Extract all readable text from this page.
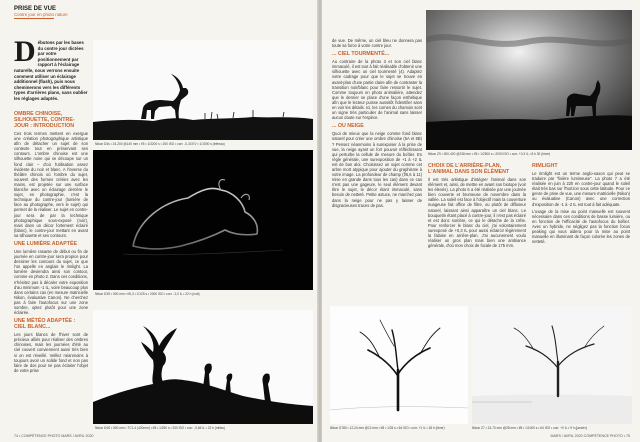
PRISE DE VUE
Contre jour en photo nature
Débutons par les bases du contre jour dictées par votre positionnement par rapport à l'éclairage naturelle, nous verrons ensuite comment utiliser un éclairage additionnel (flash), puis nous cheminerons vers les différents types d'arrières plans, sans oublier les réglages adaptés.
OMBRE CHINOISE, SILHOUETTE, CONTRE-JOUR : INTRODUCTION

Ces trois termes mettent en exergue une création photographique artistique afin de détacher un sujet de son contexte tout en préservant ses contours. L'ombre chinoise est une silhouette noire qui se découpe sur un fond clair – d'où l'utilisation assez évidente du noir et blanc. A l'inverse du théâtre chinois où l'ombre du sujet, souvent des formes créées avec les mains, est projetée sur une surface blanche avec un éclairage derrière le sujet, en photographie, c'est la technique du contre-jour (lumière de face au photographe, vers le sujet) qui permet de la réaliser. Le sujet en contre-jour sera de par la technique photographique sous-exposé (noir), mais dans un décor fortement éclairé (blanc), le contre-jour mettant en avant sa silhouette et ses contours.

UNE LUMIÈRE ADAPTÉE

Une lumière rasante de début ou fin de journée en contre-jour sera propice pour dessiner les contours du sujet, ce que l'on appelle en anglais le rimlight. La lumière deviendra ainsi son contour, comme en photo 2. Dans ces conditions, n'hésitez pas à décaler votre exposition d'au minimum -1 IL, voire beaucoup plus dans certains cas (en mesure matricielle Nikon, évaluative Canon). Ne cherchez pas à faire l'autofocus sur une zone sombre, optez plutôt pour une zone éclairée.

UNE MÉTÉO ADAPTÉE : CIEL BLANC...

Les jours blancs de l'hiver sont de précieux alliés pour réaliser des ombres chinoises, mais les journées d'été au ciel couvert conviennent aussi très bien si on est réveillé. Veillez néanmoins à toujours avoir un solide fond et non pas faire de dos pour ne pas éclairer l'objet de votre prise

Nikon D3s • 24-200 @140 mm • f/5 • 1/3200 s • 200 ISO • corr. -0,33 EV • 1/1000 s (tréteau)
Nikon D3S • 500 mm • f/6,3 • 1/125 s • 2000 ISO • corr. -2,0 IL • 22 h (nuit)
Nikon D4S • 500 mm • TC1.4 (420mm) • f/8 • 1/250 s • 200 ISO • corr. -0,66 IL • 22 h (milieu)
74 • COMPÉTENCE PHOTO MARS / AVRIL 2020

de vue. De même, un ciel bleu ne donnera pas toute sa force à votre contre jour.

... CIEL TOURMENTÉ...

Au contraire de la photo 3 et son ciel blanc immaculé, il est tout à fait réalisable d'obtenir une silhouette avec un ciel tourmenté (4). Adaptez votre cadrage pour que le sujet se trouve en avant-plan d'une partie claire afin de contraster la transition noir/blanc pour faire ressortir le sujet. Comme toujours en photo animalière, attendez que le dernier se place d'une façon esthétique afin que le lecteur puisse aussitôt l'identifier sans en voir les détails. Ici, les cornes du chamois sont un signe très particulier de l'animal sans laisser aucun doute sur l'espèce.

... OU NEIGE

Quoi de mieux que la neige comme fond blanc naturel pour créer une ombre chinoise (5A et 5B) ? Pensez néanmoins à surexposer à la prise de vue, la neige ayant un fort pouvoir réfléchissant qui perturbe la cellule de mesure du boîtier. En règle générale, une surexposition de +1 à +2 IL est de bon aloi. Choisissez un sujet comme cet arbre mort atypique pour ajouter du graphisme à votre image. La profondeur de champ (f/5,6 à 11) mise en grande dans tous les cas) dans ce cas n'est pas une gageure, le seul élément devant être le sujet, le décor étant immaculé, sans besoin de netteté. Petite astuce, ne marchez pas dans la neige pour ne pas y laisser de disgracieuses traces de pas.

Nikon Z9 • 300-400 @238 mm • f/5 • 1/2500 s • 2000 ISO • corr. +0,3 IL • 8 h 30 (hiver)
CHOIX DE L'ARRIÈRE-PLAN, L'ANIMAL DANS SON ÉLÉMENT

Il est très artistique d'intégrer l'animal dans son élément et, ainsi, de mettre en avant son biotope (voir les élevés). La photo 6 a été réalisée par une journée bien couverte et brumeuse de novembre dans la vallée. La soleil est face à l'objectif mais la couverture nuageuse fait office de filtre, ou plutôt de diffuseur naturel, laissant ainsi apparaître un ciel blanc. Le bouquetin étant placé à contre-jour, il n'est pas éclairé et est donc sombre, ce qui le détache de la crête. Pour renforcer le blanc du ciel, j'ai volontairement surexposé de +0,3 IL pour aussi éclaircir légèrement la falaise en arrière-plan. J'ai aucunement voulu réaliser un gros plan mais bien une ambiance générale, d'où mon choix de focale de 175 mm.

RIMLIGHT

Le rimlight est un terme anglo-saxon qui peut se traduire par "lisière lumineuse". La photo 7 a été réalisée en juin à 22h en contre-jour quand le soleil était très bas sur l'horizon sous cette latitude. Pour ce genre de prise de vue, une mesure matricielle (Nikon) ou évaluative (Canon) avec une correction d'exposition de -1 à -2 IL est tout à fait adéquate.

L'usage de la mise au point manuelle est souvent nécessaire dans ces conditions de basse lumière, ou en fonction de l'efficacité de l'autofocus du boîtier. Avec un hybride, ne négligez pas la fonction focus peaking qui vous aidera pour la mise au point manuelle en illuminant de façon colorée les zones de netteté.

Nikon D780 • 12-24 mm @12 mm • f/8 • 1/25 s • 64 ISO • corr. +1 IL • 18 h (hiver)	Nikon Z7 • 24-70 mm @28 mm • f/8 • 1/1000 s • 64 ISO • corr. +0 IL • 9 h (janvier)
MARS / AVRIL 2020 COMPÉTENCE PHOTO • 75
